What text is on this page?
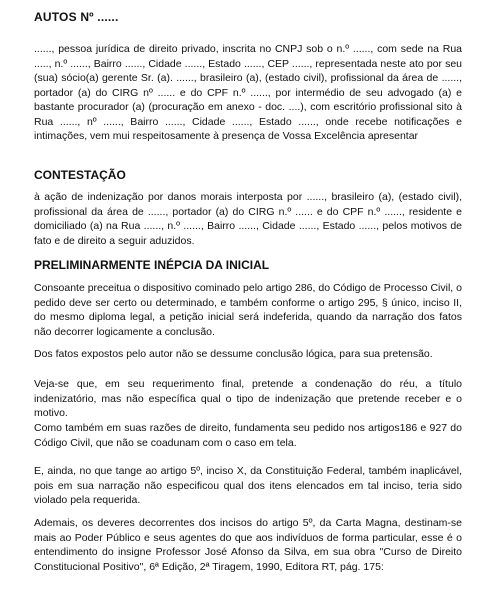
AUTOS Nº ......

......, pessoa jurídica de direito privado, inscrita no CNPJ sob o n.º ......, com sede na Rua ....., n.º ......, Bairro ......, Cidade ......, Estado ......, CEP ......, representada neste ato por seu (sua) sócio(a) gerente Sr. (a). ......, brasileiro (a), (estado civil), profissional da área de ......, portador (a) do CIRG nº ...... e do CPF n.º ......, por intermédio de seu advogado (a) e bastante procurador (a) (procuração em anexo - doc. ....), com escritório profissional sito à Rua ......, nº ......, Bairro ......, Cidade ......, Estado ......, onde recebe notificações e intimações, vem mui respeitosamente à presença de Vossa Excelência apresentar

CONTESTAÇÃO

à ação de indenização por danos morais interposta por ......, brasileiro (a), (estado civil), profissional da área de ......, portador (a) do CIRG n.º ...... e do CPF n.º ......, residente e domiciliado (a) na Rua ......, n.º ......, Bairro ......, Cidade ......, Estado ......, pelos motivos de fato e de direito a seguir aduzidos.

PRELIMINARMENTE INÉPCIA DA INICIAL

Consoante preceitua o dispositivo cominado pelo artigo 286, do Código de Processo Civil, o pedido deve ser certo ou determinado, e também conforme o artigo 295, § único, inciso II, do mesmo diploma legal, a petição inicial será indeferida, quando da narração dos fatos não decorrer logicamente a conclusão.

Dos fatos expostos pelo autor não se dessume conclusão lógica, para sua pretensão.

Veja-se que, em seu requerimento final, pretende a condenação do réu, a título indenizatório, mas não específica qual o tipo de indenização que pretende receber e o motivo.

Como também em suas razões de direito, fundamenta seu pedido nos artigos186 e 927 do Código Civil, que não se coadunam com o caso em tela.

E, ainda, no que tange ao artigo 5º, inciso X, da Constituição Federal, também inaplicável, pois em sua narração não especificou qual dos itens elencados em tal inciso, teria sido violado pela requerida.

Ademais, os deveres decorrentes dos incisos do artigo 5º, da Carta Magna, destinam-se mais ao Poder Público e seus agentes do que aos indivíduos de forma particular, esse é o entendimento do insigne Professor José Afonso da Silva, em sua obra "Curso de Direito Constitucional Positivo", 6ª Edição, 2ª Tiragem, 1990, Editora RT, pág. 175:
